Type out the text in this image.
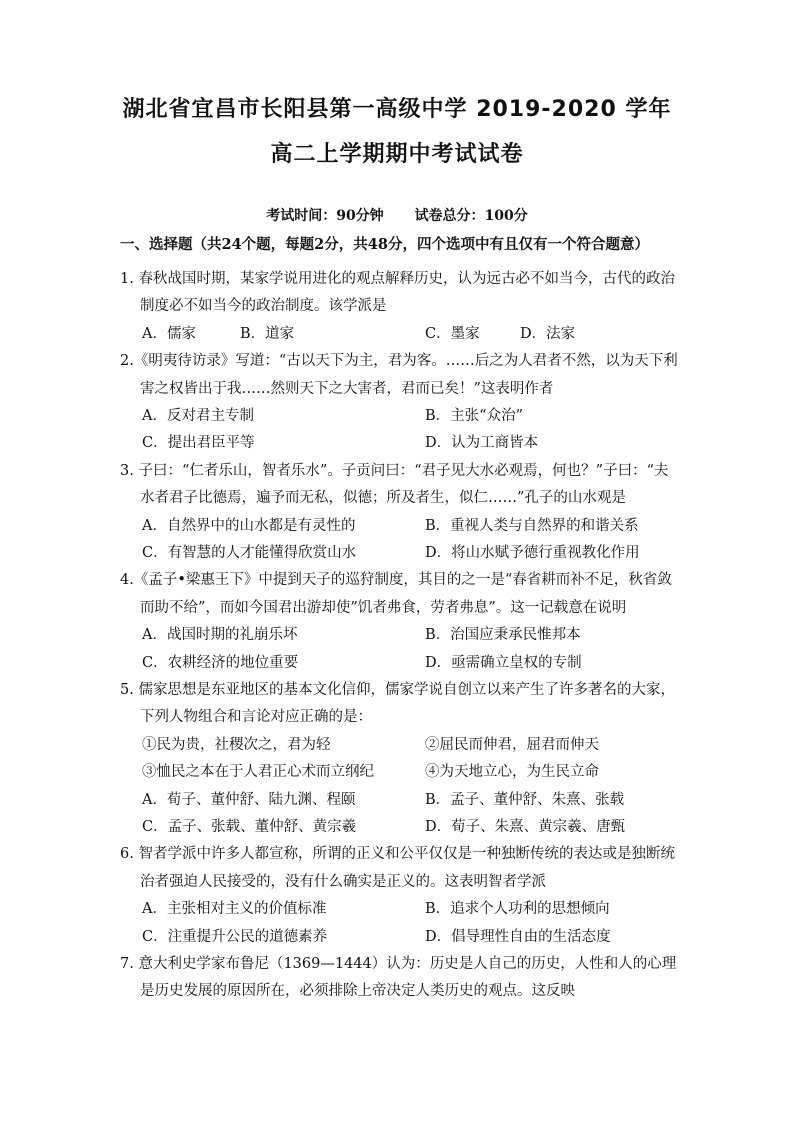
湖北省宜昌市长阳县第一高级中学 2019-2020 学年
高二上学期期中考试试卷
考试时间：90分钟 试卷总分：100分
一、选择题（共24个题，每题2分，共48分，四个选项中有且仅有一个符合题意）
1. 春秋战国时期，某家学说用进化的观点解释历史，认为远古必不如当今，古代的政治制度必不如当今的政治制度。该学派是
A．儒家	B．道家	C．墨家	D．法家
2.《明夷待访录》写道：“古以天下为主，君为客。……后之为人君者不然，以为天下利害之权皆出于我……然则天下之大害者，君而已矣！”这表明作者
A．反对君主专制	B．主张“众治”
C．提出君臣平等	D．认为工商皆本
3. 子曰：“仁者乐山，智者乐水”。子贡问曰：“君子见大水必观焉，何也？”子曰：“夫水者君子比德焉，遍予而无私，似德；所及者生，似仁……”孔子的山水观是
A．自然界中的山水都是有灵性的	B．重视人类与自然界的和谐关系
C．有智慧的人才能懂得欣赏山水	D．将山水赋予德行重视教化作用
4.《孟子•梁惠王下》中提到天子的巡狩制度，其目的之一是“春省耕而补不足，秋省敛而助不给”，而如今国君出游却使”饥者弗食，劳者弗息”。这一记载意在说明
A．战国时期的礼崩乐坏	B．治国应秉承民惟邦本
C．农耕经济的地位重要	D．亟需确立皇权的专制
5. 儒家思想是东亚地区的基本文化信仰，儒家学说自创立以来产生了许多著名的大家，下列人物组合和言论对应正确的是：
①民为贵，社稷次之，君为轻	②屈民而伸君，屈君而伸天
③恤民之本在于人君正心术而立纲纪	④为天地立心，为生民立命
A．荀子、董仲舒、陆九渊、程颐	B．孟子、董仲舒、朱熹、张载
C．孟子、张载、董仲舒、黄宗羲	D．荀子、朱熹、黄宗羲、唐甄
6. 智者学派中许多人都宣称，所谓的正义和公平仅仅是一种独断传统的表达或是独断统治者强迫人民接受的，没有什么确实是正义的。这表明智者学派
A．主张相对主义的价值标准	B．追求个人功利的思想倾向
C．注重提升公民的道德素养	D．倡导理性自由的生活态度
7. 意大利史学家布鲁尼（1369—1444）认为：历史是人自己的历史，人性和人的心理是历史发展的原因所在，必须排除上帝决定人类历史的观点。这反映
